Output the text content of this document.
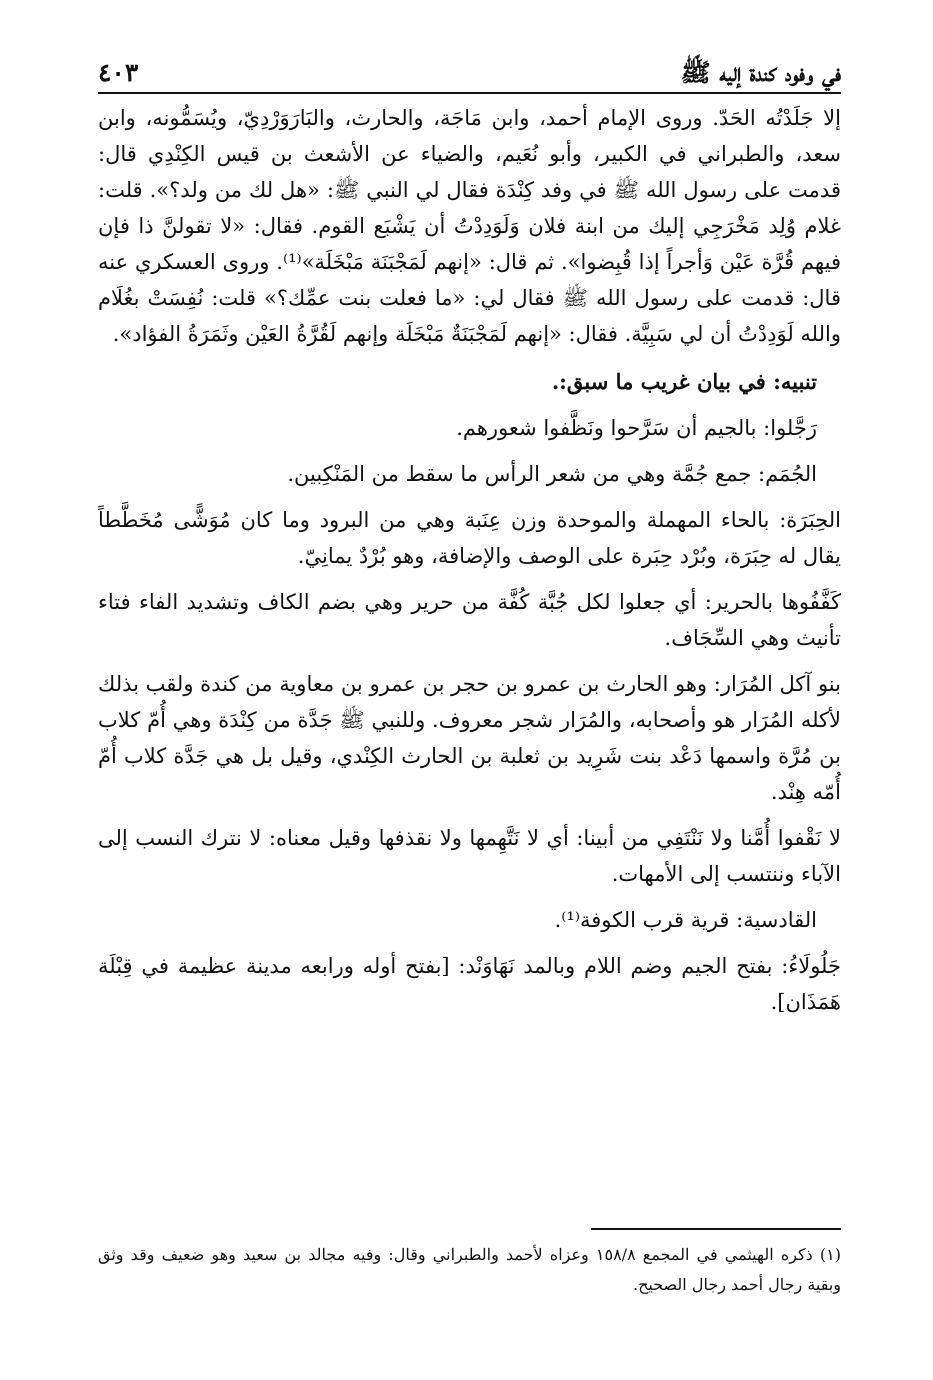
في وفود كندة إليه ﷺ
٤٠٣

إلا جَلَدْتُه الحَدّ. وروى الإمام أحمد، وابن مَاجَة، والحارث، والبَارَوَرْدِيّ، ويُسَمُّونه، وابن سعد، والطبراني في الكبير، وأبو نُعَيم، والضياء عن الأشعث بن قيس الكِنْدِي قال: قدمت على رسول الله ﷺ في وفد كِنْدَة فقال لي النبي ﷺ: «هل لك من ولد؟». قلت: غلام وُلِد مَخْرَجِي إليك من ابنة فلان وَلَوَدِدْتُ أن يَشْبَع القوم. فقال: «لا تقولنَّ ذا فإن فيهم قُرَّة عَيْن وَأجراً إذا قُبِضوا». ثم قال: «إنهم لَمَجْبَنَة مَبْخَلَة»⁽¹⁾. وروى العسكري عنه قال: قدمت على رسول الله ﷺ فقال لي: «ما فعلت بنت عمِّك؟» قلت: نُفِسَتْ بغُلَام والله لَوَدِدْتُ أن لي سَبِيَّة. فقال: «إنهم لَمَجْبَنَةٌ مَبْخَلَة وإنهم لَقُرَّةُ العَيْن وثَمَرَةُ الفؤاد».

تنبيه: في بيان غريب ما سبق:.

رَجَّلوا: بالجيم أن سَرَّحوا ونَظَّفوا شعورهم.

الجُمَم: جمع جُمَّة وهي من شعر الرأس ما سقط من المَنْكِبين.

الحِبَرَة: بالحاء المهملة والموحدة وزن عِنَبة وهي من البرود وما كان مُوَشًّى مُخَطَّطاً يقال له حِبَرَة، وبُرْد حِبَرة على الوصف والإضافة، وهو بُرْدٌ يمانِيّ.

كَفَّفُوها بالحرير: أي جعلوا لكل جُبَّة كُفَّة من حرير وهي بضم الكاف وتشديد الفاء فتاء تأنيث وهي السِّجَاف.

بنو آكل المُرَار: وهو الحارث بن عمرو بن حجر بن عمرو بن معاوية من كندة ولقب بذلك لأكله المُرَار هو وأصحابه، والمُرَار شجر معروف. وللنبي ﷺ جَدَّة من كِنْدَة وهي أُمّ كلاب بن مُرَّة واسمها دَعْد بنت شَرِيد بن ثعلبة بن الحارث الكِنْدي، وقيل بل هي جَدَّة كلاب أُمّ أُمّه هِنْد.

لا نَقْفوا أُمَّنا ولا نَنْتَفِي من أبينا: أي لا نَتَّهِمها ولا نقذفها وقيل معناه: لا نترك النسب إلى الآباء وننتسب إلى الأمهات.

القادسية: قرية قرب الكوفة⁽¹⁾.

جَلُولَاءُ: بفتح الجيم وضم اللام وبالمد نَهَاوَنْد: [بفتح أوله ورابعه مدينة عظيمة في قِبْلَة هَمَذَان].

(١) ذكره الهيثمي في المجمع ١٥٨/٨ وعزاه لأحمد والطبراني وقال: وفيه مجالد بن سعيد وهو ضعيف وقد وثق وبقية رجال أحمد رجال الصحيح.
